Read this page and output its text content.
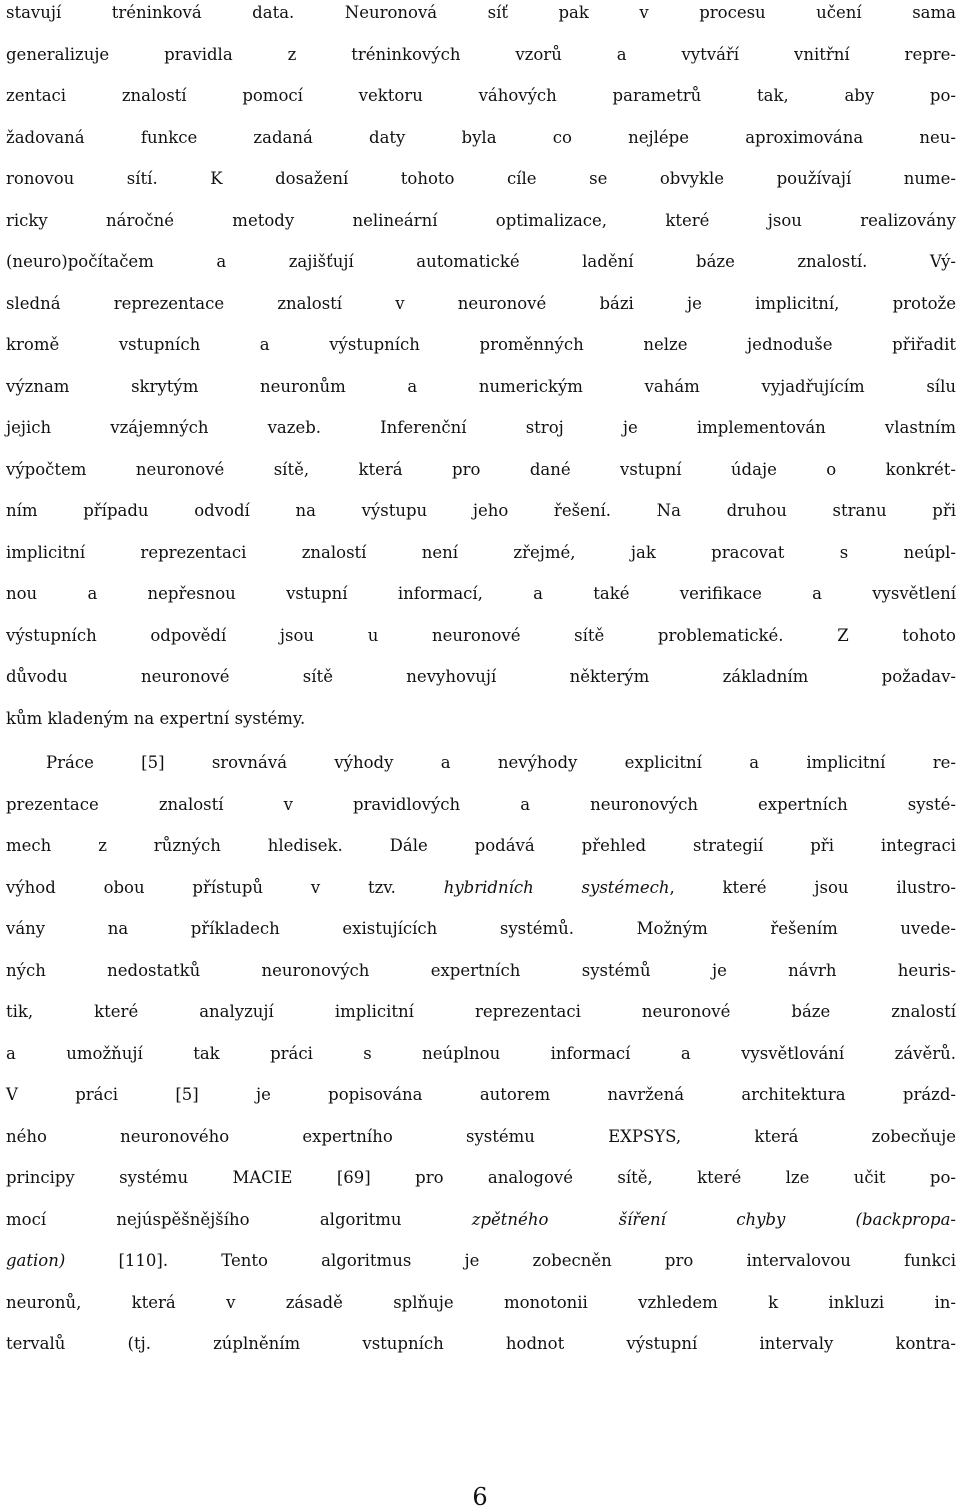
stavují tréninková data. Neuronová síť pak v procesu učení sama
generalizuje pravidla z tréninkových vzorů a vytváří vnitřní repre-
zentaci znalostí pomocí vektoru váhových parametrů tak, aby po-
žadovaná funkce zadaná daty byla co nejlépe aproximována neu-
ronovou sítí. K dosažení tohoto cíle se obvykle používají nume-
ricky náročné metody nelineární optimalizace, které jsou realizovány
(neuro)počítačem a zajišťují automatické ladění báze znalostí. Vý-
sledná reprezentace znalostí v neuronové bázi je implicitní, protože
kromě vstupních a výstupních proměnných nelze jednoduše přiřadit
význam skrytým neuronům a numerickým vahám vyjadřujícím sílu
jejich vzájemných vazeb. Inferenční stroj je implementován vlastním
výpočtem neuronové sítě, která pro dané vstupní údaje o konkrét-
ním případu odvodí na výstupu jeho řešení. Na druhou stranu při
implicitní reprezentaci znalostí není zřejmé, jak pracovat s neúpl-
nou a nepřesnou vstupní informací, a také verifikace a vysvětlení
výstupních odpovědí jsou u neuronové sítě problematické. Z tohoto
důvodu neuronové sítě nevyhovují některým základním požadav-
kům kladeným na expertní systémy.
Práce [5] srovnává výhody a nevýhody explicitní a implicitní re-
prezentace znalostí v pravidlových a neuronových expertních systé-
mech z různých hledisek. Dále podává přehled strategií při integraci
výhod obou přístupů v tzv. hybridních systémech, které jsou ilustro-
vány na příkladech existujících systémů. Možným řešením uvede-
ných nedostatků neuronových expertních systémů je návrh heuris-
tik, které analyzují implicitní reprezentaci neuronové báze znalostí
a umožňují tak práci s neúplnou informací a vysvětlování závěrů.
V práci [5] je popisována autorem navržená architektura prázd-
ného neuronového expertního systému EXPSYS, která zobecňuje
principy systému MACIE [69] pro analogové sítě, které lze učit po-
mocí nejúspěšnějšího algoritmu zpětného šíření chyby (backpropa-
gation) [110]. Tento algoritmus je zobecněn pro intervalovou funkci
neuronů, která v zásadě splňuje monotonii vzhledem k inkluzi in-
tervalů (tj. zúplněním vstupních hodnot výstupní intervaly kontra-
6
